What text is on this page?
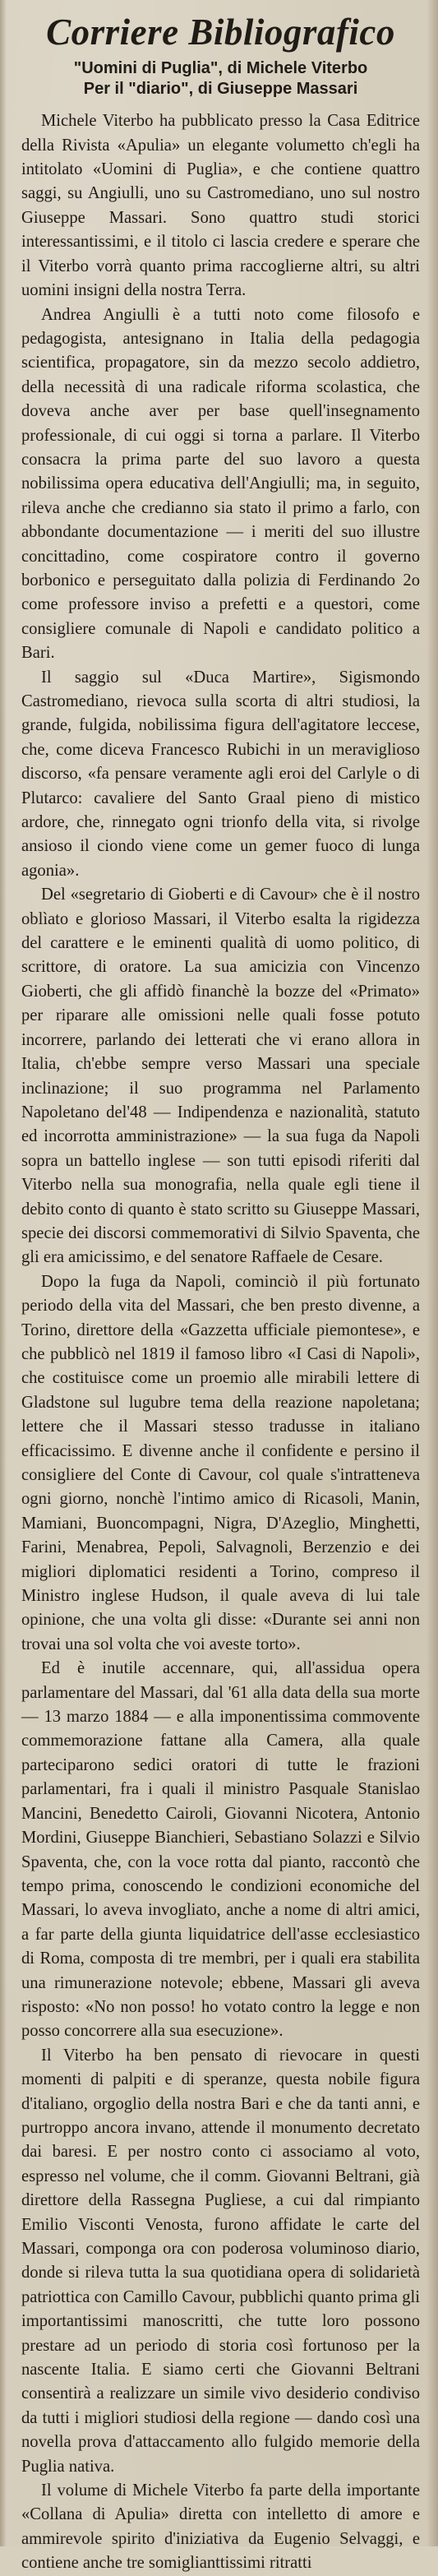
Corriere Bibliografico
"Uomini di Puglia", di Michele Viterbo
Per il "diario", di Giuseppe Massari

Michele Viterbo ha pubblicato presso la Casa Editrice della Rivista «Apulia» un elegante volumetto ch'egli ha intitolato «Uomini di Puglia», e che contiene quattro saggi, su Angiulli, uno su Castromediano, uno sul nostro Giuseppe Massari. Sono quattro studi storici interessantissimi, e il titolo ci lascia credere e sperare che il Viterbo vorrà quanto prima raccoglierne altri, su altri uomini insigni della nostra Terra.

Andrea Angiulli è a tutti noto come filosofo e pedagogista, antesignano in Italia della pedagogia scientifica, propagatore, sin da mezzo secolo addietro, della necessità di una radicale riforma scolastica, che doveva anche aver per base quell'insegnamento professionale, di cui oggi si torna a parlare. Il Viterbo consacra la prima parte del suo lavoro a questa nobilissima opera educativa dell'Angiulli; ma, in seguito, rileva anche che credianno sia stato il primo a farlo, con abbondante documentazione — i meriti del suo illustre concittadino, come cospiratore contro il governo borbonico e perseguitato dalla polizia di Ferdinando 2o come professore inviso a prefetti e a questori, come consigliere comunale di Napoli e candidato politico a Bari.

Il saggio sul «Duca Martire», Sigismondo Castromediano, rievoca sulla scorta di altri studiosi, la grande, fulgida, nobilissima figura dell'agitatore leccese, che, come diceva Francesco Rubichi in un meraviglioso discorso, «fa pensare veramente agli eroi del Carlyle o di Plutarco: cavaliere del Santo Graal pieno di mistico ardore, che, rinnegato ogni trionfo della vita, si rivolge ansioso il ciondo viene come un gemer fuoco di lunga agonia».

Del «segretario di Gioberti e di Cavour» che è il nostro oblìato e glorioso Massari, il Viterbo esalta la rigidezza del carattere e le eminenti qualità di uomo politico, di scrittore, di oratore. La sua amicizia con Vincenzo Gioberti, che gli affidò financhè la bozze del «Primato» per riparare alle omissioni nelle quali fosse potuto incorrere, parlando dei letterati che vi erano allora in Italia, ch'ebbe sempre verso Massari una speciale inclinazione; il suo programma nel Parlamento Napoletano del'48 — Indipendenza e nazionalità, statuto ed incorrotta amministrazione» — la sua fuga da Napoli sopra un battello inglese — son tutti episodi riferiti dal Viterbo nella sua monografia, nella quale egli tiene il debito conto di quanto è stato scritto su Giuseppe Massari, specie dei discorsi commemorativi di Silvio Spaventa, che gli era amicissimo, e del senatore Raffaele de Cesare.

Dopo la fuga da Napoli, cominciò il più fortunato periodo della vita del Massari, che ben presto divenne, a Torino, direttore della «Gazzetta ufficiale piemontese», e che pubblicò nel 1819 il famoso libro «I Casi di Napoli», che costituisce come un proemio alle mirabili lettere di Gladstone sul lugubre tema della reazione napoletana; lettere che il Massari stesso tradusse in italiano efficacissimo. E divenne anche il confidente e persino il consigliere del Conte di Cavour, col quale s'intratteneva ogni giorno, nonchè l'intimo amico di Ricasoli, Manin, Mamiani, Buoncompagni, Nigra, D'Azeglio, Minghetti, Farini, Menabrea, Pepoli, Salvagnoli, Berzenzio e dei migliori diplomatici residenti a Torino, compreso il Ministro inglese Hudson, il quale aveva di lui tale opinione, che una volta gli disse: «Durante sei anni non trovai una sol volta che voi aveste torto».

Ed è inutile accennare, qui, all'assidua opera parlamentare del Massari, dal '61 alla data della sua morte — 13 marzo 1884 — e alla imponentissima commovente commemorazione fattane alla Camera, alla quale parteciparono sedici oratori di tutte le frazioni parlamentari, fra i quali il ministro Pasquale Stanislao Mancini, Benedetto Cairoli, Giovanni Nicotera, Antonio Mordini, Giuseppe Bianchieri, Sebastiano Solazzi e Silvio Spaventa, che, con la voce rotta dal pianto, raccontò che tempo prima, conoscendo le condizioni economiche del Massari, lo aveva invogliato, anche a nome di altri amici, a far parte della giunta liquidatrice dell'asse ecclesiastico di Roma, composta di tre membri, per i quali era stabilita una rimunerazione notevole; ebbene, Massari gli aveva risposto: «No non posso! ho votato contro la legge e non posso concorrere alla sua esecuzione».

Il Viterbo ha ben pensato di rievocare in questi momenti di palpiti e di speranze, questa nobile figura d'italiano, orgoglio della nostra Bari e che da tanti anni, e purtroppo ancora invano, attende il monumento decretato dai baresi. E per nostro conto ci associamo al voto, espresso nel volume, che il comm. Giovanni Beltrani, già direttore della Rassegna Pugliese, a cui dal rimpianto Emilio Visconti Venosta, furono affidate le carte del Massari, componga ora con poderosa voluminoso diario, donde si rileva tutta la sua quotidiana opera di solidarietà patriottica con Camillo Cavour, pubblichi quanto prima gli importantissimi manoscritti, che tutte loro possono prestare ad un periodo di storia così fortunoso per la nascente Italia. E siamo certi che Giovanni Beltrani consentirà a realizzare un simile vivo desiderio condiviso da tutti i migliori studiosi della regione — dando così una novella prova d'attaccamento allo fulgido memorie della Puglia nativa.

Il volume di Michele Viterbo fa parte della importante «Collana di Apulia» diretta con intelletto di amore e ammirevole spirito d'iniziativa da Eugenio Selvaggi, e contiene anche tre somiglianttissimi ritratti
